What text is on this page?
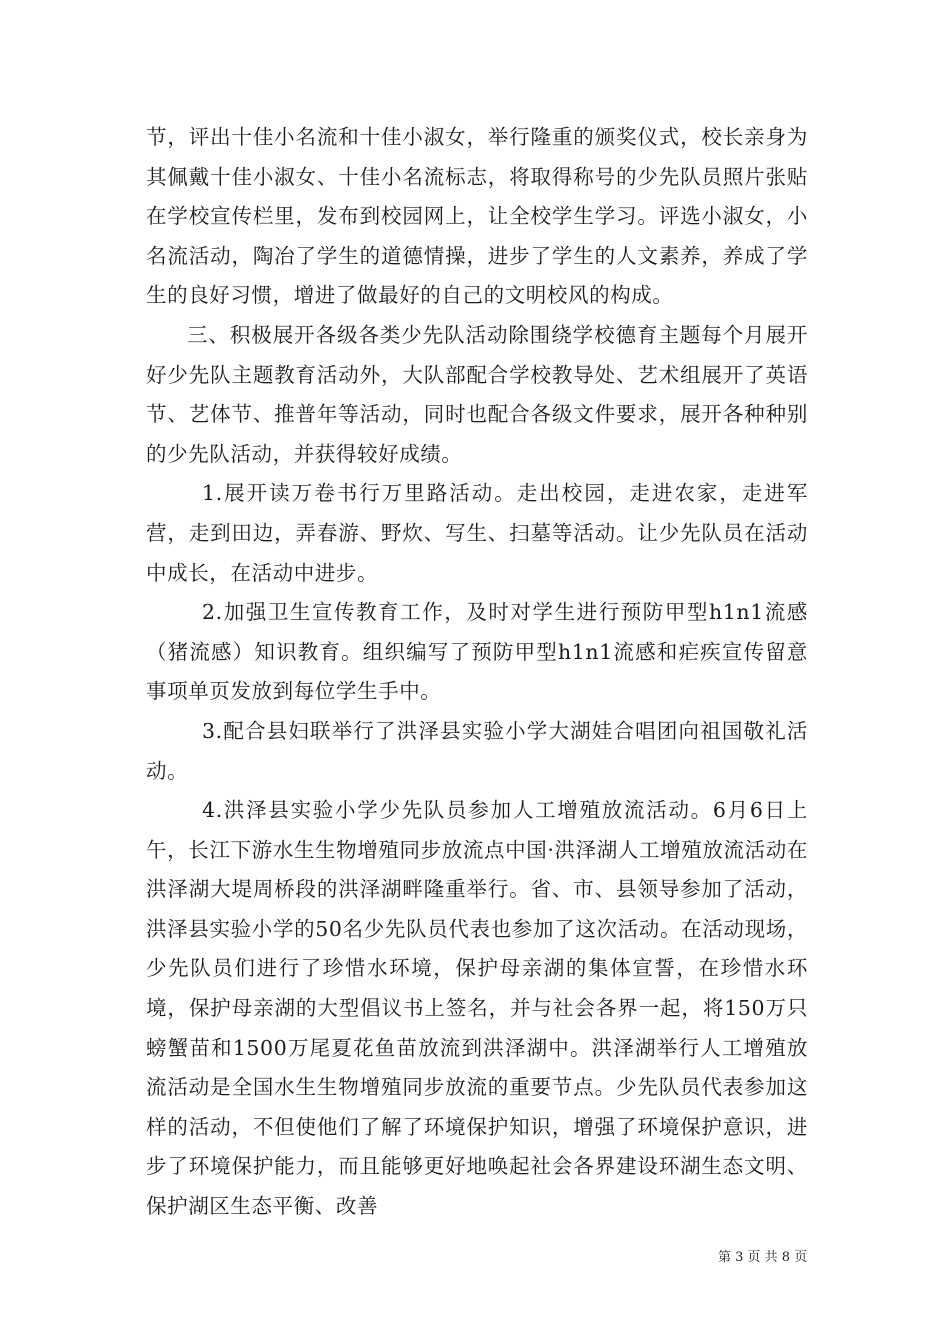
节，评出十佳小名流和十佳小淑女，举行隆重的颁奖仪式，校长亲身为其佩戴十佳小淑女、十佳小名流标志，将取得称号的少先队员照片张贴在学校宣传栏里，发布到校园网上，让全校学生学习。评选小淑女，小名流活动，陶冶了学生的道德情操，进步了学生的人文素养，养成了学生的良好习惯，增进了做最好的自己的文明校风的构成。

三、积极展开各级各类少先队活动除围绕学校德育主题每个月展开好少先队主题教育活动外，大队部配合学校教导处、艺术组展开了英语节、艺体节、推普年等活动，同时也配合各级文件要求，展开各种种别的少先队活动，并获得较好成绩。

1.展开读万卷书行万里路活动。走出校园，走进农家，走进军营，走到田边，弄春游、野炊、写生、扫墓等活动。让少先队员在活动中成长，在活动中进步。

2.加强卫生宣传教育工作，及时对学生进行预防甲型h1n1流感（猪流感）知识教育。组织编写了预防甲型h1n1流感和疟疾宣传留意事项单页发放到每位学生手中。

3.配合县妇联举行了洪泽县实验小学大湖娃合唱团向祖国敬礼活动。

4.洪泽县实验小学少先队员参加人工增殖放流活动。6月6日上午，长江下游水生生物增殖同步放流点中国·洪泽湖人工增殖放流活动在洪泽湖大堤周桥段的洪泽湖畔隆重举行。省、市、县领导参加了活动，洪泽县实验小学的50名少先队员代表也参加了这次活动。在活动现场，少先队员们进行了珍惜水环境，保护母亲湖的集体宣誓，在珍惜水环境，保护母亲湖的大型倡议书上签名，并与社会各界一起，将150万只螃蟹苗和1500万尾夏花鱼苗放流到洪泽湖中。洪泽湖举行人工增殖放流活动是全国水生生物增殖同步放流的重要节点。少先队员代表参加这样的活动，不但使他们了解了环境保护知识，增强了环境保护意识，进步了环境保护能力，而且能够更好地唤起社会各界建设环湖生态文明、保护湖区生态平衡、改善

第 3 页 共 8 页
